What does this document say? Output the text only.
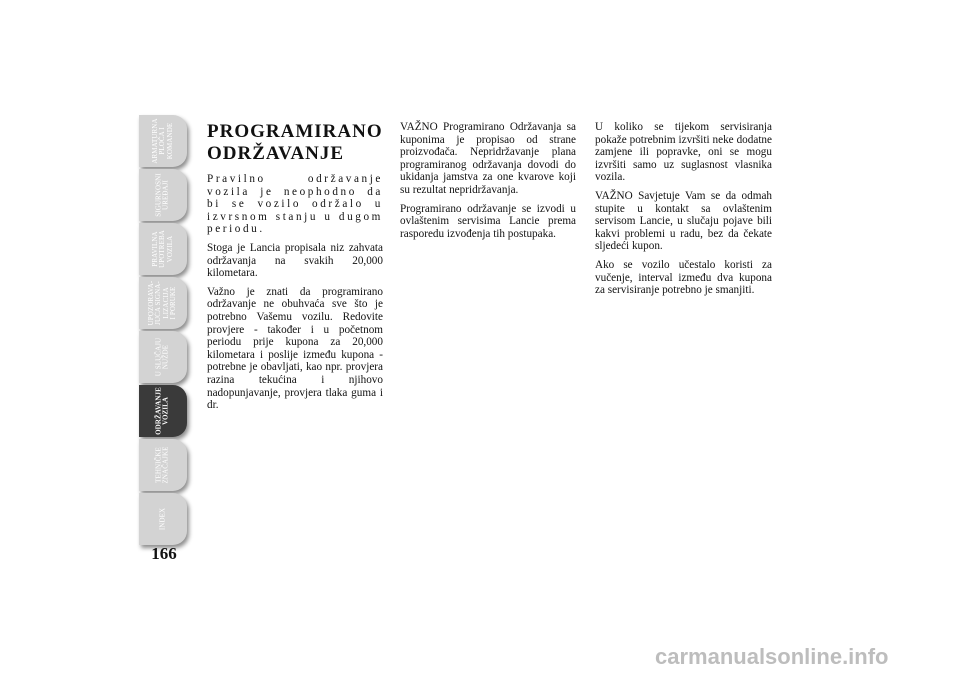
ARMATURNA
PLOČA I
KOMANDE
SIGURNOSNI
UREĐAJI
PRAVILNA
UPOTREBA
VOZILA
UPOZORAVA-
JUĆA SIGNA-
LIZACIJA
I PORUKE
U SLUČAJU
NUŽDE
ODRŽAVANJE
VOZILA
TEHNIČKE
ZNAČAJKE
INDEX
166
PROGRAMIRANO
ODRŽAVANJE

Pravilno održavanje vozila je neophodno da bi se vozilo održalo u izvrsnom stanju u dugom periodu.

Stoga je Lancia propisala niz zahvata održavanja na svakih 20,000 kilometara.

Važno je znati da programirano održavanje ne obuhvaća sve što je potrebno Vašemu vozilu. Redovite provjere - također i u početnom periodu prije kupona za 20,000 kilometara i poslije između kupona - potrebne je obavljati, kao npr. provjera razina tekućina i njihovo nadopunjavanje, provjera tlaka guma i dr.

VAŽNO Programirano Održavanja sa kuponima je propisao od strane proizvođača. Nepridržavanje plana programiranog održavanja dovodi do ukidanja jamstva za one kvarove koji su rezultat nepridržavanja.

Programirano održavanje se izvodi u ovlaštenim servisima Lancie prema rasporedu izvođenja tih postupaka.

U koliko se tijekom servisiranja pokaže potrebnim izvršiti neke dodatne zamjene ili popravke, oni se mogu izvršiti samo uz suglasnost vlasnika vozila.

VAŽNO Savjetuje Vam se da odmah stupite u kontakt sa ovlaštenim servisom Lancie, u slučaju pojave bili kakvi problemi u radu, bez da čekate sljedeći kupon.

Ako se vozilo učestalo koristi za vučenje, interval između dva kupona za servisiranje potrebno je smanjiti.

carmanualsonline.info
